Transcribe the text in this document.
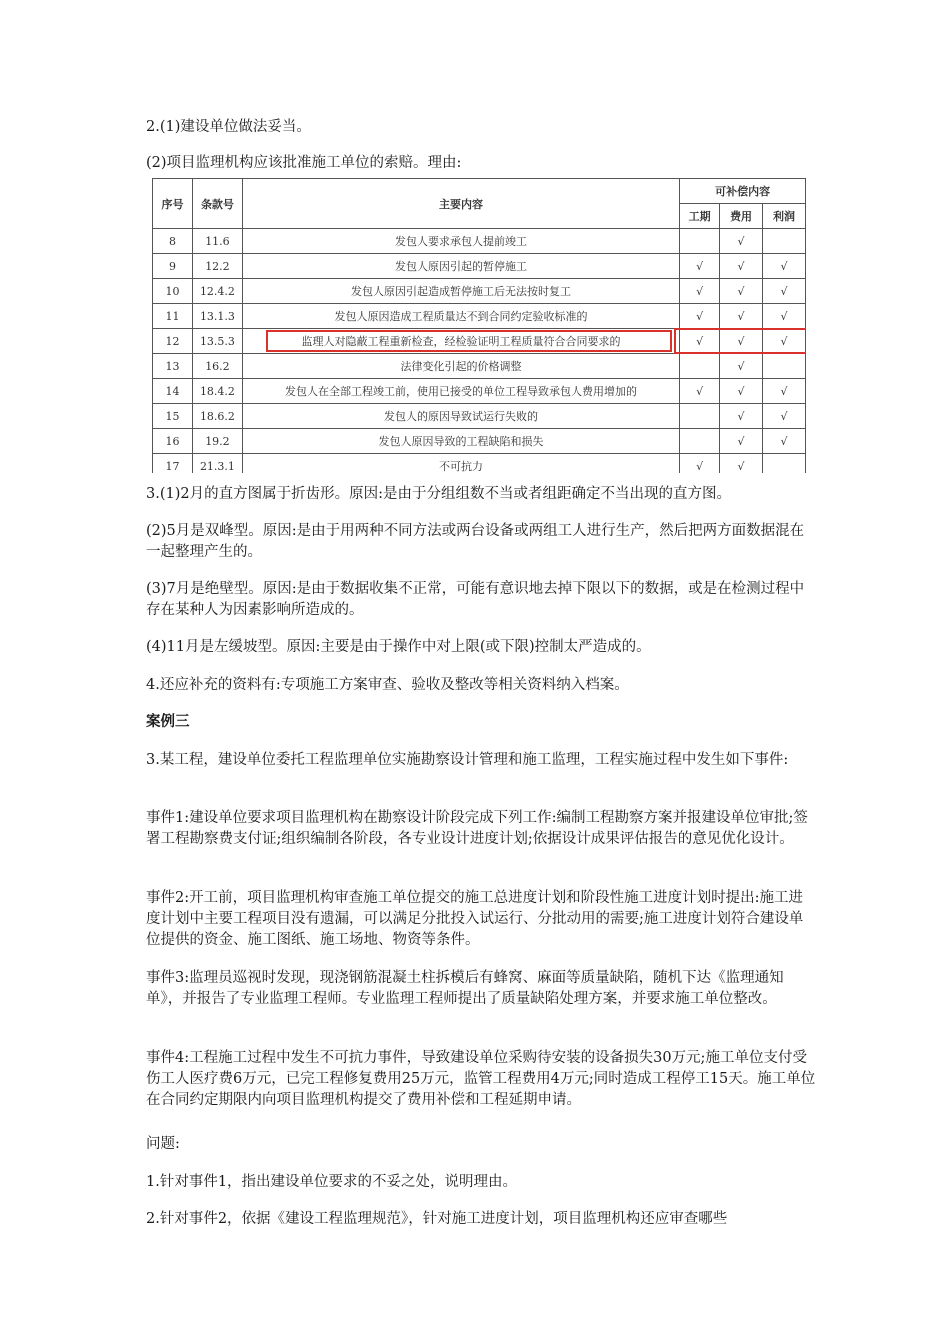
2.(1)建设单位做法妥当。

(2)项目监理机构应该批准施工单位的索赔。理由:

序号	条款号	主要内容	可补偿内容		
			工期	费用	利润
8	11.6	发包人要求承包人提前竣工		√	
9	12.2	发包人原因引起的暂停施工	√	√	√
10	12.4.2	发包人原因引起造成暂停施工后无法按时复工	√	√	√
11	13.1.3	发包人原因造成工程质量达不到合同约定验收标准的	√	√	√
12	13.5.3	监理人对隐蔽工程重新检查，经检验证明工程质量符合合同要求的	√	√	√
13	16.2	法律变化引起的价格调整		√	
14	18.4.2	发包人在全部工程竣工前，使用已接受的单位工程导致承包人费用增加的	√	√	√
15	18.6.2	发包人的原因导致试运行失败的		√	√
16	19.2	发包人原因导致的工程缺陷和损失		√	√
17	21.3.1	不可抗力	√	√	

3.(1)2月的直方图属于折齿形。原因:是由于分组组数不当或者组距确定不当出现的直方图。

(2)5月是双峰型。原因:是由于用两种不同方法或两台设备或两组工人进行生产，然后把两方面数据混在一起整理产生的。

(3)7月是绝壁型。原因:是由于数据收集不正常，可能有意识地去掉下限以下的数据，或是在检测过程中存在某种人为因素影响所造成的。

(4)11月是左缓坡型。原因:主要是由于操作中对上限(或下限)控制太严造成的。

4.还应补充的资料有:专项施工方案审查、验收及整改等相关资料纳入档案。

案例三

3.某工程，建设单位委托工程监理单位实施勘察设计管理和施工监理，工程实施过程中发生如下事件:

事件1:建设单位要求项目监理机构在勘察设计阶段完成下列工作:编制工程勘察方案并报建设单位审批;签署工程勘察费支付证;组织编制各阶段，各专业设计进度计划;依据设计成果评估报告的意见优化设计。

事件2:开工前，项目监理机构审查施工单位提交的施工总进度计划和阶段性施工进度计划时提出:施工进度计划中主要工程项目没有遗漏，可以满足分批投入试运行、分批动用的需要;施工进度计划符合建设单位提供的资金、施工图纸、施工场地、物资等条件。

事件3:监理员巡视时发现，现浇钢筋混凝土柱拆模后有蜂窝、麻面等质量缺陷，随机下达《监理通知单》，并报告了专业监理工程师。专业监理工程师提出了质量缺陷处理方案，并要求施工单位整改。

事件4:工程施工过程中发生不可抗力事件，导致建设单位采购待安装的设备损失30万元;施工单位支付受伤工人医疗费6万元，已完工程修复费用25万元，监管工程费用4万元;同时造成工程停工15天。施工单位在合同约定期限内向项目监理机构提交了费用补偿和工程延期申请。

问题:

1.针对事件1，指出建设单位要求的不妥之处，说明理由。

2.针对事件2，依据《建设工程监理规范》，针对施工进度计划，项目监理机构还应审查哪些
